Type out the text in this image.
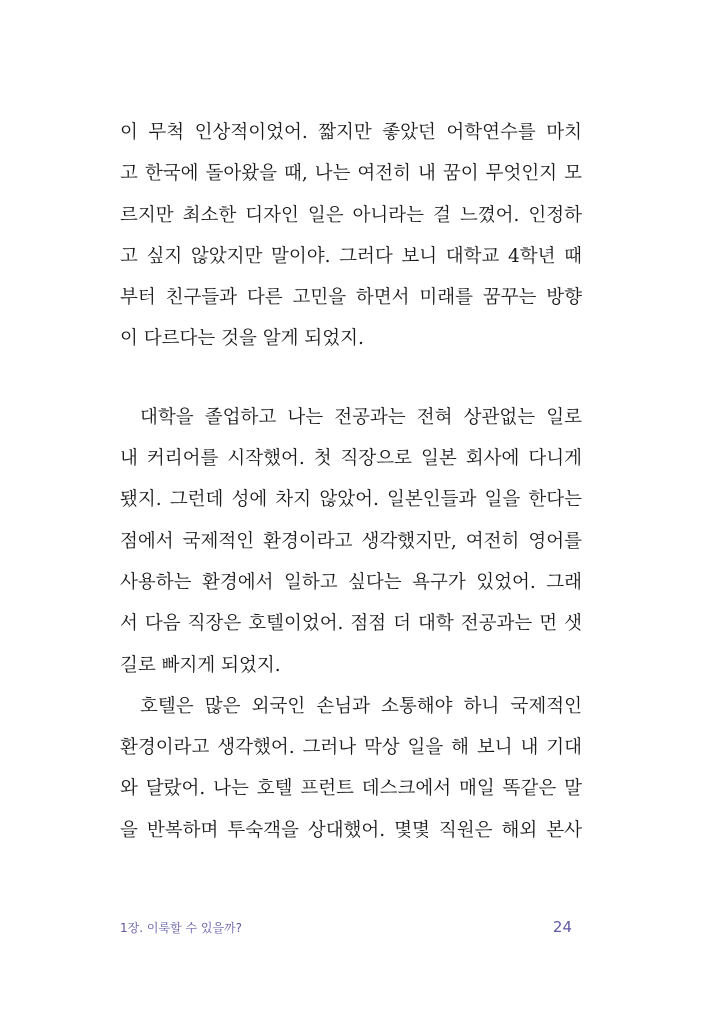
이 무척 인상적이었어. 짧지만 좋았던 어학연수를 마치
고 한국에 돌아왔을 때, 나는 여전히 내 꿈이 무엇인지 모
르지만 최소한 디자인 일은 아니라는 걸 느꼈어. 인정하
고 싶지 않았지만 말이야. 그러다 보니 대학교 4학년 때
부터 친구들과 다른 고민을 하면서 미래를 꿈꾸는 방향
이 다르다는 것을 알게 되었지.
대학을 졸업하고 나는 전공과는 전혀 상관없는 일로
내 커리어를 시작했어. 첫 직장으로 일본 회사에 다니게
됐지. 그런데 성에 차지 않았어. 일본인들과 일을 한다는
점에서 국제적인 환경이라고 생각했지만, 여전히 영어를
사용하는 환경에서 일하고 싶다는 욕구가 있었어. 그래
서 다음 직장은 호텔이었어. 점점 더 대학 전공과는 먼 샛
길로 빠지게 되었지.
호텔은 많은 외국인 손님과 소통해야 하니 국제적인
환경이라고 생각했어. 그러나 막상 일을 해 보니 내 기대
와 달랐어. 나는 호텔 프런트 데스크에서 매일 똑같은 말
을 반복하며 투숙객을 상대했어. 몇몇 직원은 해외 본사
1장. 이룩할 수 있을까?	24
